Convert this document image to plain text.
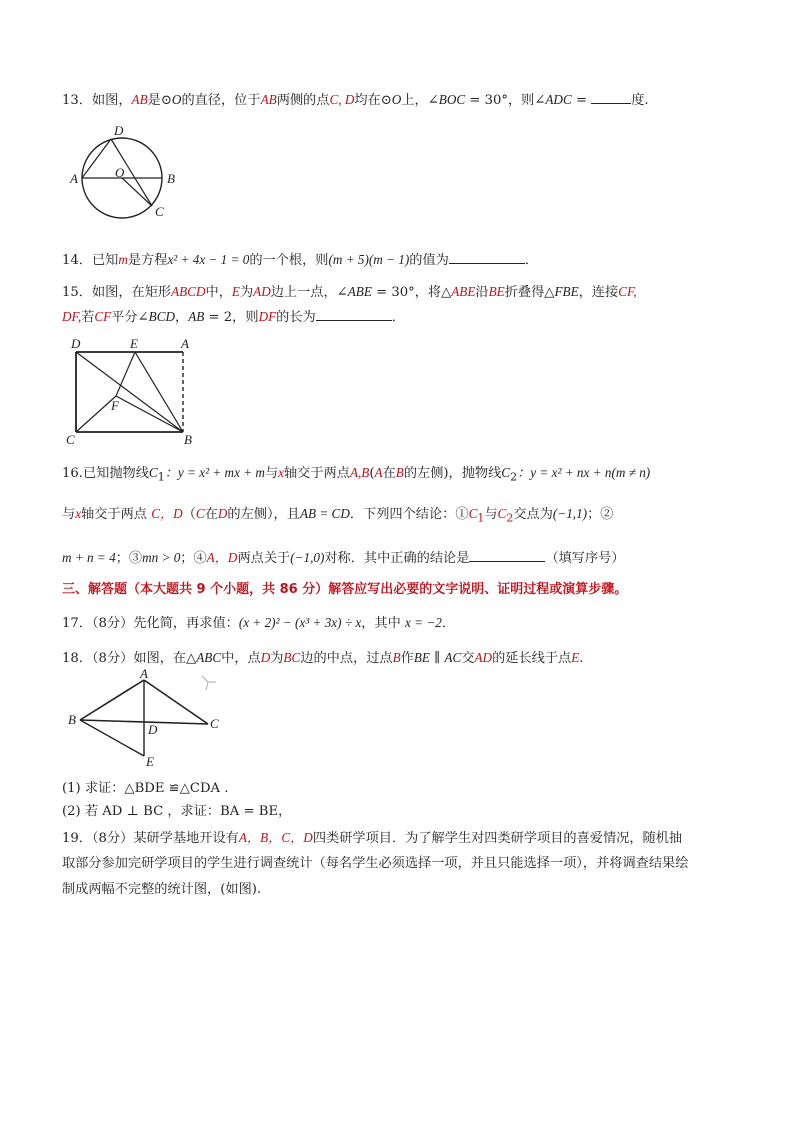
13．如图，AB是⊙O的直径，位于AB两侧的点C, D均在⊙O上，∠BOC = 30°，则∠ADC =	度.
D
A	O	B
C
14．已知m是方程x² + 4x − 1 = 0的一个根，则(m + 5)(m − 1)的值为	．
15．如图，在矩形ABCD中，E为AD边上一点，∠ABE = 30°，将△ABE沿BE折叠得△FBE，连接CF,
DF,若CF平分∠BCD，AB = 2，则DF的长为	．
D	E	A
F
C	B
16.已知抛物线$C_1$：y = x² + mx + m与x轴交于两点A,B(A在B的左侧)，抛物线$C_2$：y = x² + nx + n(m ≠ n)
与x轴交于两点 C，D（C在D的左侧），且AB = CD．下列四个结论：$①C_1$与$C_2$交点为(−1,1)；②
m + n = 4；③mn > 0；④A，D两点关于(−1,0)对称．其中正确的结论是	（填写序号）
三、解答题（本大题共 9 个小题，共 86 分）解答应写出必要的文字说明、证明过程或演算步骤。
17．（8分）先化简，再求值：(x + 2)² − (x³ + 3x) ÷ x，其中 x = −2．
18．（8分）如图，在△ABC中，点D为BC边的中点，过点B作BE ∥ AC交AD的延长线于点E.
A
B	C
D
E
(1) 求证：△BDE ≌△CDA .
(2) 若 AD ⊥ BC ，求证：BA = BE，
19．（8分）某研学基地开设有A，B，C，D四类研学项目．为了解学生对四类研学项目的喜爱情况，随机抽
取部分参加完研学项目的学生进行调查统计（每名学生必须选择一项，并且只能选择一项），并将调查结果绘
制成两幅不完整的统计图，(如图).
